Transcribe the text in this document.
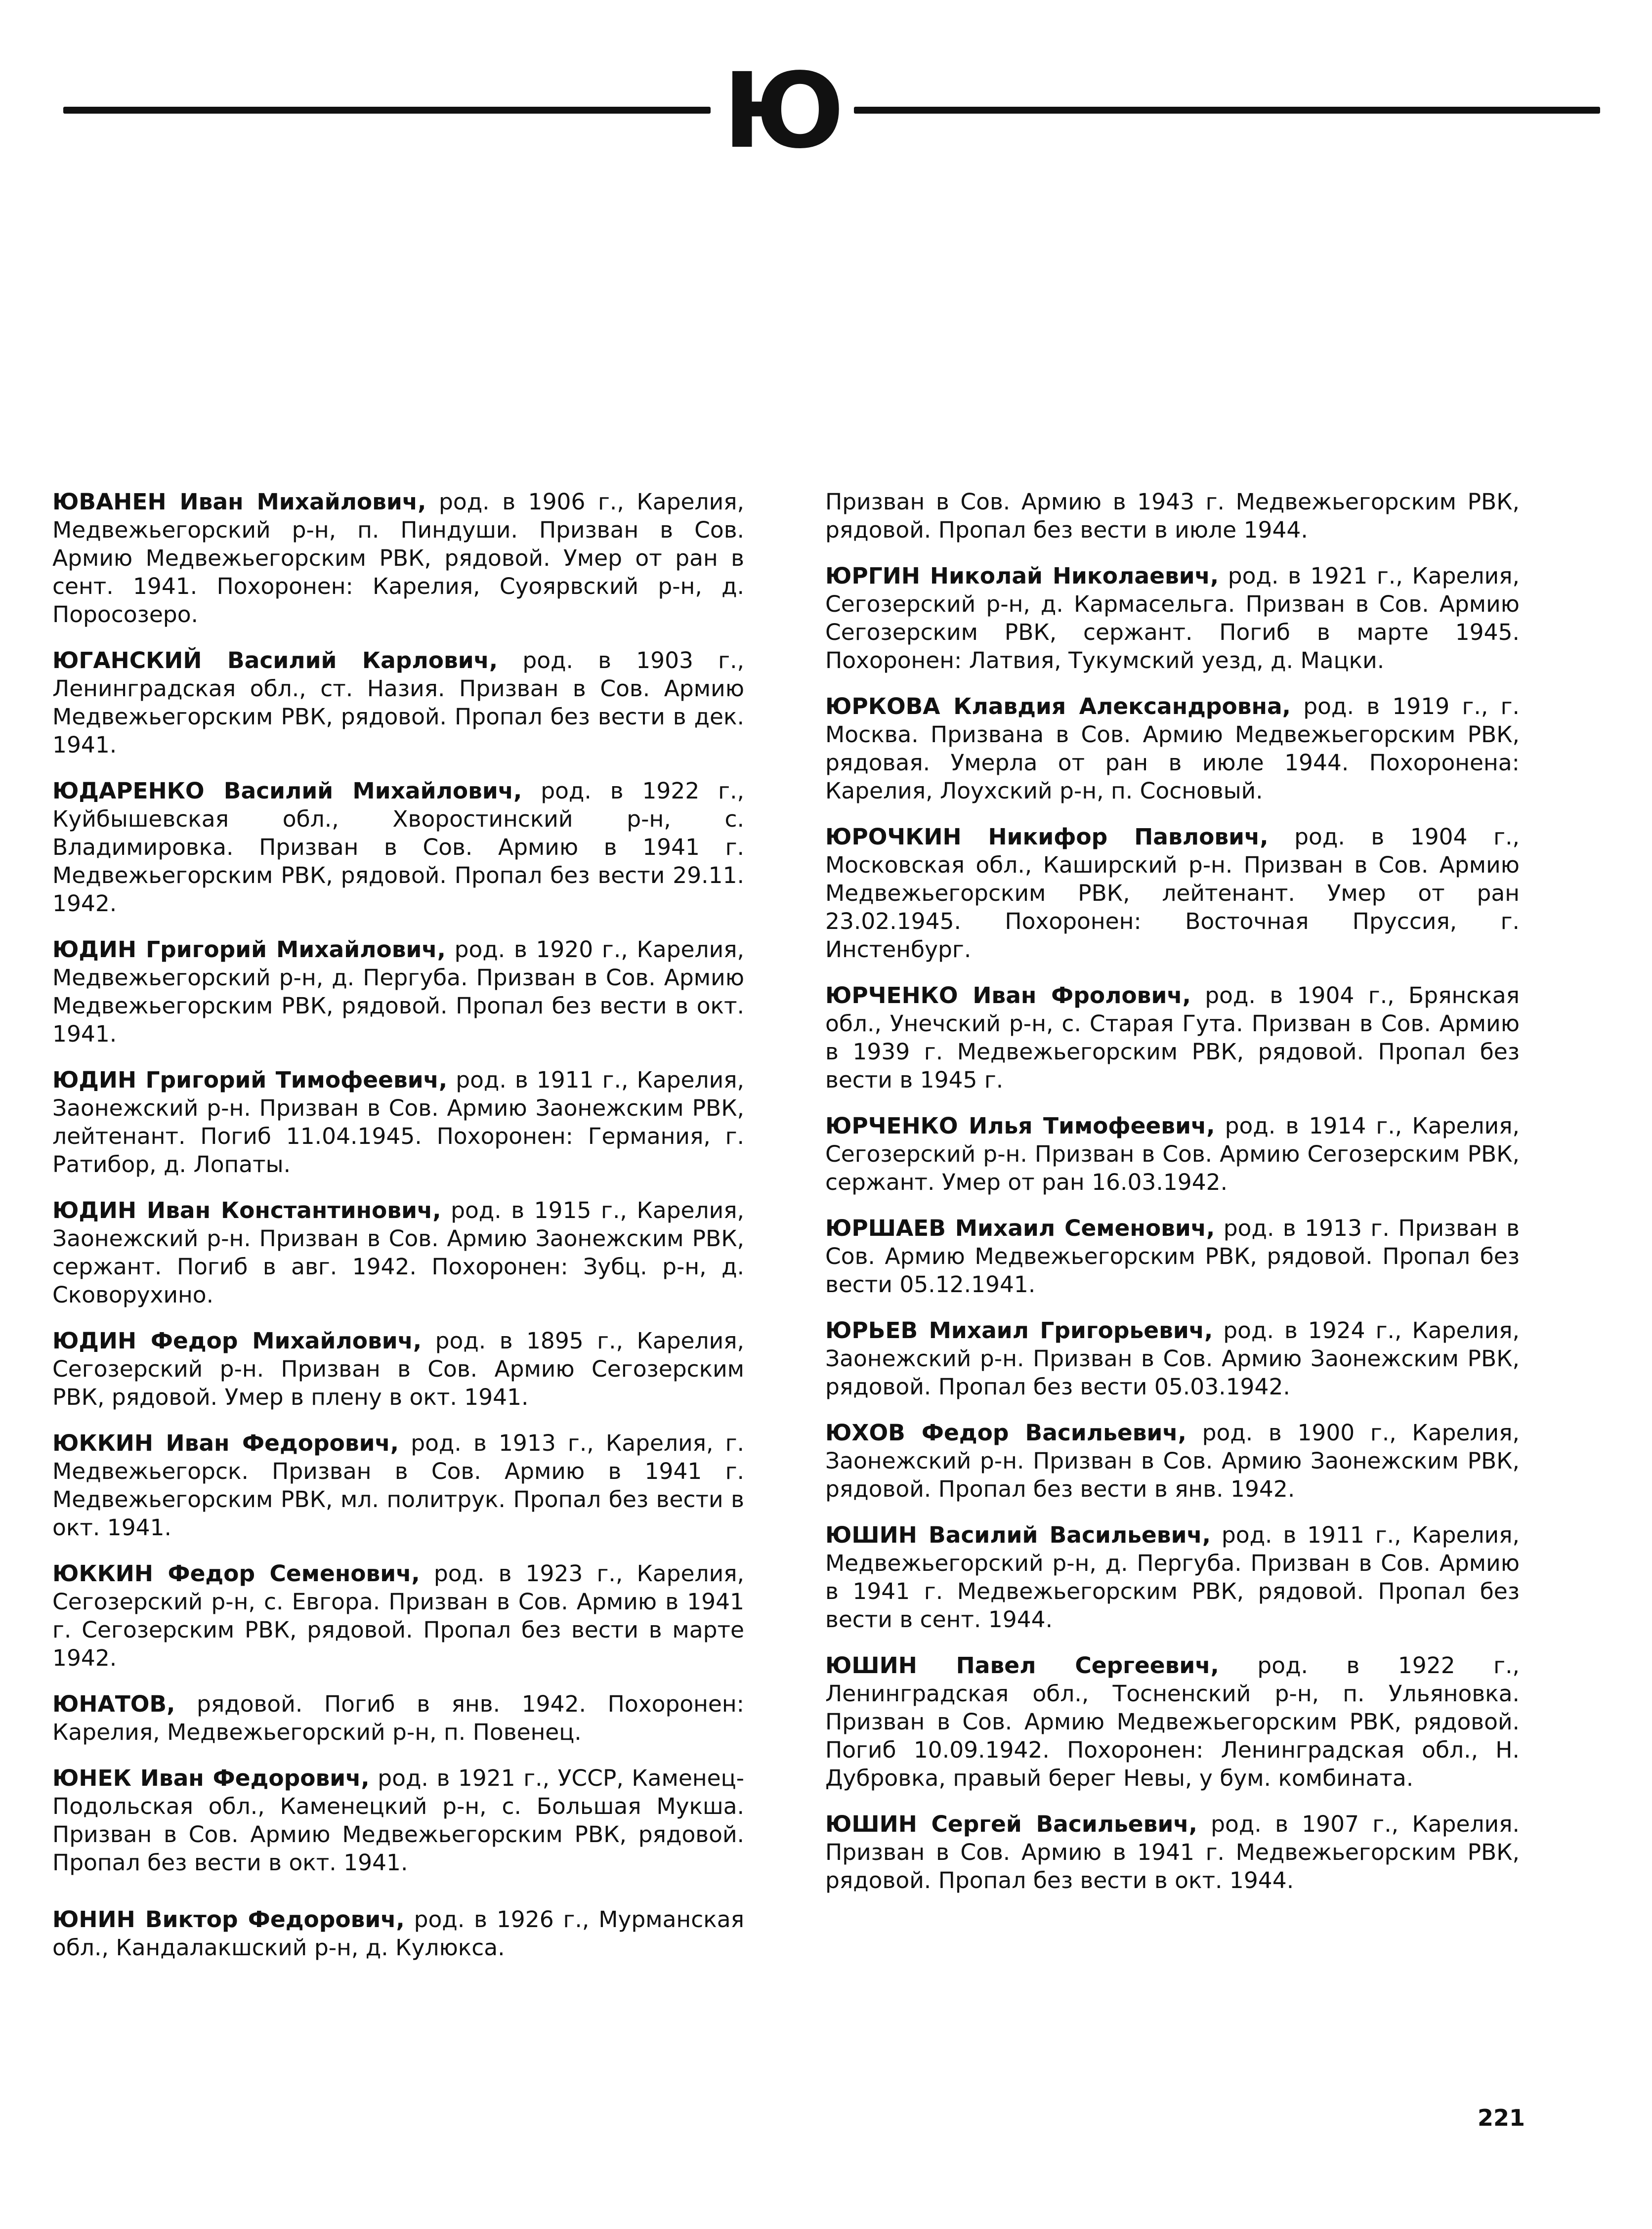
Ю

ЮВАНЕН Иван Михайлович, род. в 1906 г., Карелия, Медвежьегорский р-н, п. Пиндуши. Призван в Сов. Армию Медвежьегорским РВК, рядовой. Умер от ран в сент. 1941. Похоронен: Карелия, Суоярвский р-н, д. Поросозеро.

ЮГАНСКИЙ Василий Карлович, род. в 1903 г., Ленинградская обл., ст. Назия. Призван в Сов. Армию Медвежьегорским РВК, рядовой. Пропал без вести в дек. 1941.

ЮДАРЕНКО Василий Михайлович, род. в 1922 г., Куйбышевская обл., Хворостинский р-н, с. Владимировка. Призван в Сов. Армию в 1941 г. Медвежьегорским РВК, рядовой. Пропал без вести 29.11. 1942.

ЮДИН Григорий Михайлович, род. в 1920 г., Карелия, Медвежьегорский р-н, д. Пергуба. Призван в Сов. Армию Медвежьегорским РВК, рядовой. Пропал без вести в окт. 1941.

ЮДИН Григорий Тимофеевич, род. в 1911 г., Карелия, Заонежский р-н. Призван в Сов. Армию Заонежским РВК, лейтенант. Погиб 11.04.1945. Похоронен: Германия, г. Ратибор, д. Лопаты.

ЮДИН Иван Константинович, род. в 1915 г., Карелия, Заонежский р-н. Призван в Сов. Армию Заонежским РВК, сержант. Погиб в авг. 1942. Похоронен: Зубц. р-н, д. Сковорухино.

ЮДИН Федор Михайлович, род. в 1895 г., Карелия, Сегозерский р-н. Призван в Сов. Армию Сегозерским РВК, рядовой. Умер в плену в окт. 1941.

ЮККИН Иван Федорович, род. в 1913 г., Карелия, г. Медвежьегорск. Призван в Сов. Армию в 1941 г. Медвежьегорским РВК, мл. политрук. Пропал без вести в окт. 1941.

ЮККИН Федор Семенович, род. в 1923 г., Карелия, Сегозерский р-н, с. Евгора. Призван в Сов. Армию в 1941 г. Сегозерским РВК, рядовой. Пропал без вести в марте 1942.

ЮНАТОВ, рядовой. Погиб в янв. 1942. Похоронен: Карелия, Медвежьегорский р-н, п. Повенец.

ЮНЕК Иван Федорович, род. в 1921 г., УССР, Каменец-Подольская обл., Каменецкий р-н, с. Большая Мукша. Призван в Сов. Армию Медвежьегорским РВК, рядовой. Пропал без вести в окт. 1941.

ЮНИН Виктор Федорович, род. в 1926 г., Мурманская обл., Кандалакшский р-н, д. Кулюкса.

Призван в Сов. Армию в 1943 г. Медвежьегорским РВК, рядовой. Пропал без вести в июле 1944.

ЮРГИН Николай Николаевич, род. в 1921 г., Карелия, Сегозерский р-н, д. Кармасельга. Призван в Сов. Армию Сегозерским РВК, сержант. Погиб в марте 1945. Похоронен: Латвия, Тукумский уезд, д. Мацки.

ЮРКОВА Клавдия Александровна, род. в 1919 г., г. Москва. Призвана в Сов. Армию Медвежьегорским РВК, рядовая. Умерла от ран в июле 1944. Похоронена: Карелия, Лоухский р-н, п. Сосновый.

ЮРОЧКИН Никифор Павлович, род. в 1904 г., Московская обл., Каширский р-н. Призван в Сов. Армию Медвежьегорским РВК, лейтенант. Умер от ран 23.02.1945. Похоронен: Восточная Пруссия, г. Инстенбург.

ЮРЧЕНКО Иван Фролович, род. в 1904 г., Брянская обл., Унечский р-н, с. Старая Гута. Призван в Сов. Армию в 1939 г. Медвежьегорским РВК, рядовой. Пропал без вести в 1945 г.

ЮРЧЕНКО Илья Тимофеевич, род. в 1914 г., Карелия, Сегозерский р-н. Призван в Сов. Армию Сегозерским РВК, сержант. Умер от ран 16.03.1942.

ЮРШАЕВ Михаил Семенович, род. в 1913 г. Призван в Сов. Армию Медвежьегорским РВК, рядовой. Пропал без вести 05.12.1941.

ЮРЬЕВ Михаил Григорьевич, род. в 1924 г., Карелия, Заонежский р-н. Призван в Сов. Армию Заонежским РВК, рядовой. Пропал без вести 05.03.1942.

ЮХОВ Федор Васильевич, род. в 1900 г., Карелия, Заонежский р-н. Призван в Сов. Армию Заонежским РВК, рядовой. Пропал без вести в янв. 1942.

ЮШИН Василий Васильевич, род. в 1911 г., Карелия, Медвежьегорский р-н, д. Пергуба. Призван в Сов. Армию в 1941 г. Медвежьегорским РВК, рядовой. Пропал без вести в сент. 1944.

ЮШИН Павел Сергеевич, род. в 1922 г., Ленинградская обл., Тосненский р-н, п. Ульяновка. Призван в Сов. Армию Медвежьегорским РВК, рядовой. Погиб 10.09.1942. Похоронен: Ленинградская обл., Н. Дубровка, правый берег Невы, у бум. комбината.

ЮШИН Сергей Васильевич, род. в 1907 г., Карелия. Призван в Сов. Армию в 1941 г. Медвежьегорским РВК, рядовой. Пропал без вести в окт. 1944.

221
